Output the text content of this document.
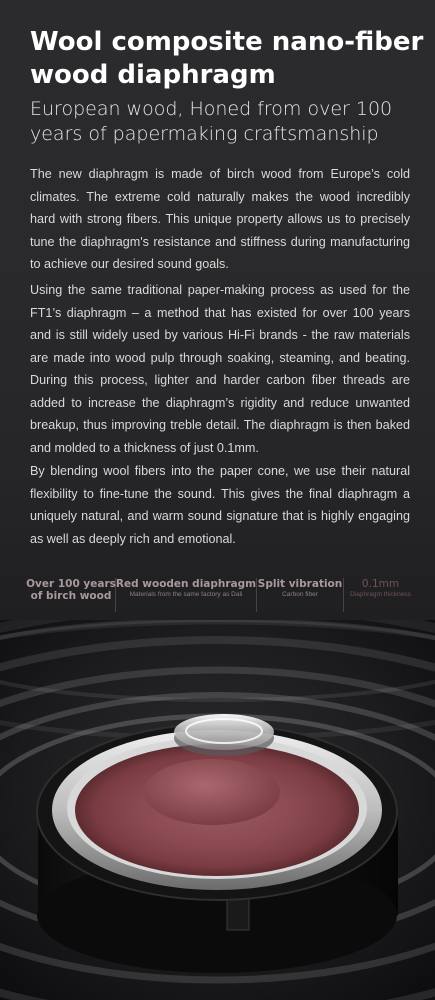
Wool composite nano-fiber wood diaphragm
European wood, Honed from over 100 years of papermaking craftsmanship

The new diaphragm is made of birch wood from Europe’s cold climates. The extreme cold naturally makes the wood incredibly hard with strong fibers. This unique property allows us to precisely tune the diaphragm's resistance and stiffness during manufacturing to achieve our desired sound goals.

Using the same traditional paper-making process as used for the FT1’s diaphragm – a method that has existed for over 100 years and is still widely used by various Hi-Fi brands - the raw materials are made into wood pulp through soaking, steaming, and beating. During this process, lighter and harder carbon fiber threads are added to increase the diaphragm’s rigidity and reduce unwanted breakup, thus improving treble detail. The diaphragm is then baked and molded to a thickness of just 0.1mm.

By blending wool fibers into the paper cone, we use their natural flexibility to fine-tune the sound. This gives the final diaphragm a uniquely natural, and warm sound signature that is highly engaging as well as deeply rich and emotional.

Over 100 years
of birch wood
Red wooden diaphragm
Materials from the same factory as Dali
Split vibration
Carbon fiber
0.1mm
Diaphragm thickness
